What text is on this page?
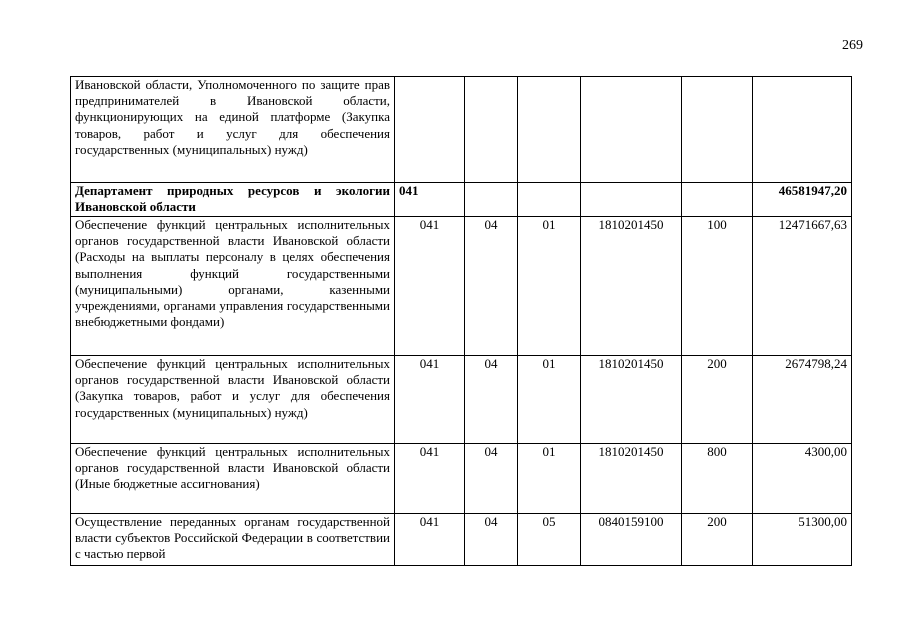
269
Ивановской области, Уполномоченного по защите прав предпринимателей в Ивановской области, функционирующих на единой платформе (Закупка товаров, работ и услуг для обеспечения государственных (муниципальных) нужд)						
Департамент природных ресурсов и экологии Ивановской области	041					46581947,20
Обеспечение функций центральных исполнительных органов государственной власти Ивановской области (Расходы на выплаты персоналу в целях обеспечения выполнения функций государственными (муниципальными) органами, казенными учреждениями, органами управления государственными внебюджетными фондами)	041	04	01	1810201450	100	12471667,63
Обеспечение функций центральных исполнительных органов государственной власти Ивановской области (Закупка товаров, работ и услуг для обеспечения государственных (муниципальных) нужд)	041	04	01	1810201450	200	2674798,24
Обеспечение функций центральных исполнительных органов государственной власти Ивановской области (Иные бюджетные ассигнования)	041	04	01	1810201450	800	4300,00
Осуществление переданных органам государственной власти субъектов Российской Федерации в соответствии с частью первой	041	04	05	0840159100	200	51300,00
